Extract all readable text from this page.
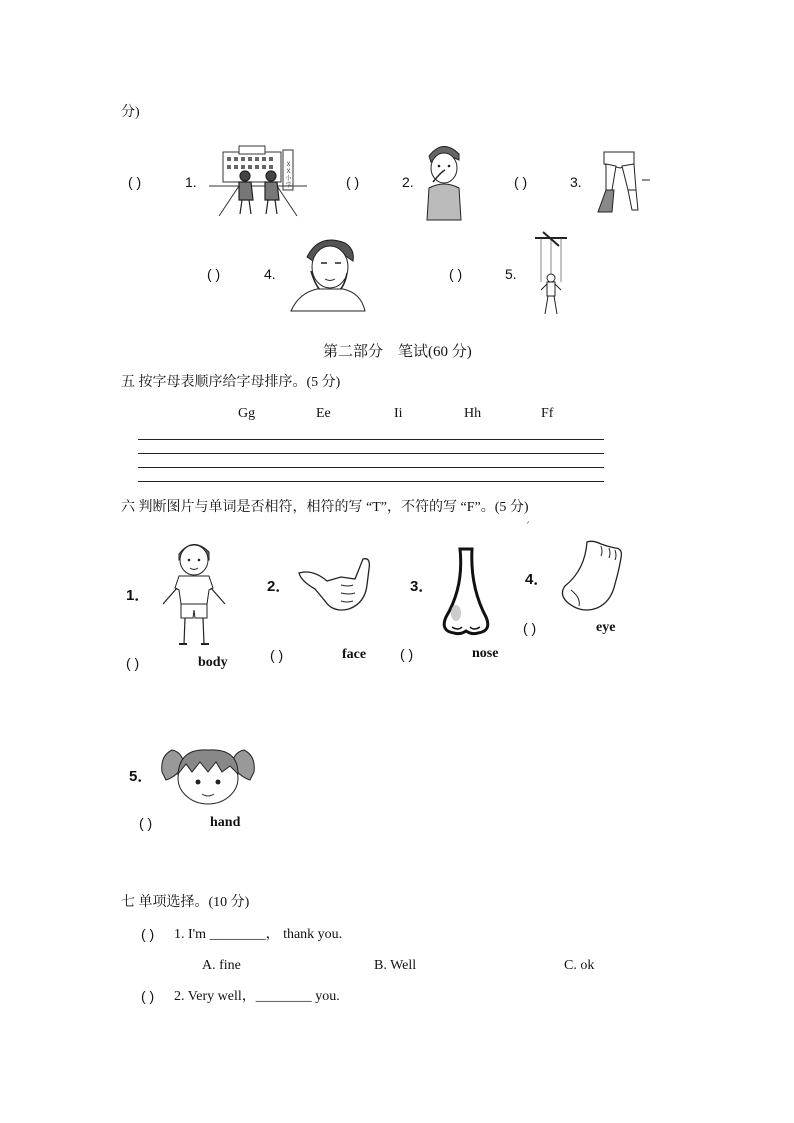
分)
( )	1.
X X 小 学	( )	2.	( )	3.
( )	4.	( )	5.
第二部分　笔试(60 分)
五 按字母表顺序给字母排序。(5 分)
Gg	Ee	Ii	Hh	Ff
六 判断图片与单词是否相符，相符的写 “T”，不符的写 “F”。(5 分)
ˊ
1．
( )	body
2．
( )	face
3．
( )	nose
4．
( )	eye
5．
( )	hand
七 单项选择。(10 分)
( ) 1. I'm ________， thank you.
A. fine	B. Well	C. ok
( ) 2. Very well，________ you.
